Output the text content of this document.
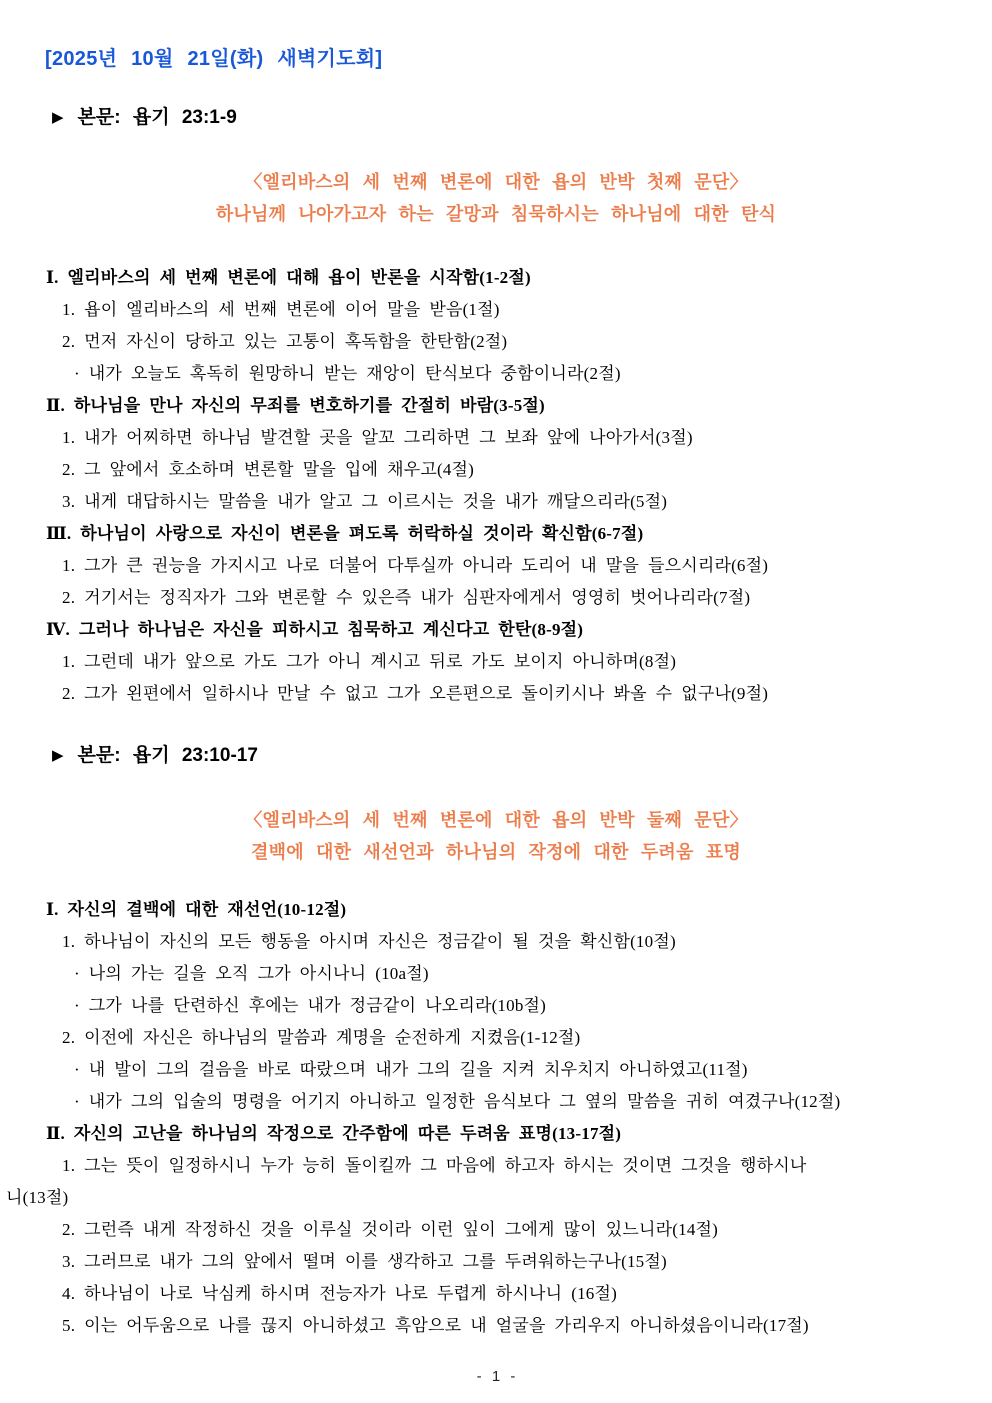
[2025년 10월 21일(화) 새벽기도회]
▶ 본문: 욥기 23:1-9
〈엘리바스의 세 번째 변론에 대한 욥의 반박 첫째 문단〉
하나님께 나아가고자 하는 갈망과 침묵하시는 하나님에 대한 탄식
Ⅰ. 엘리바스의 세 번째 변론에 대해 욥이 반론을 시작함(1-2절)
1. 욥이 엘리바스의 세 번째 변론에 이어 말을 받음(1절)
2. 먼저 자신이 당하고 있는 고통이 혹독함을 한탄함(2절)
· 내가 오늘도 혹독히 원망하니 받는 재앙이 탄식보다 중함이니라(2절)
Ⅱ. 하나님을 만나 자신의 무죄를 변호하기를 간절히 바람(3-5절)
1. 내가 어찌하면 하나님 발견할 곳을 알꼬 그리하면 그 보좌 앞에 나아가서(3절)
2. 그 앞에서 호소하며 변론할 말을 입에 채우고(4절)
3. 내게 대답하시는 말씀을 내가 알고 그 이르시는 것을 내가 깨달으리라(5절)
Ⅲ. 하나님이 사랑으로 자신이 변론을 펴도록 허락하실 것이라 확신함(6-7절)
1. 그가 큰 권능을 가지시고 나로 더불어 다투실까 아니라 도리어 내 말을 들으시리라(6절)
2. 거기서는 정직자가 그와 변론할 수 있은즉 내가 심판자에게서 영영히 벗어나리라(7절)
Ⅳ. 그러나 하나님은 자신을 피하시고 침묵하고 계신다고 한탄(8-9절)
1. 그런데 내가 앞으로 가도 그가 아니 계시고 뒤로 가도 보이지 아니하며(8절)
2. 그가 왼편에서 일하시나 만날 수 없고 그가 오른편으로 돌이키시나 봐올 수 없구나(9절)
▶ 본문: 욥기 23:10-17
〈엘리바스의 세 번째 변론에 대한 욥의 반박 둘째 문단〉
결백에 대한 새선언과 하나님의 작정에 대한 두려움 표명
Ⅰ. 자신의 결백에 대한 재선언(10-12절)
1. 하나님이 자신의 모든 행동을 아시며 자신은 정금같이 될 것을 확신함(10절)
· 나의 가는 길을 오직 그가 아시나니 (10a절)
· 그가 나를 단련하신 후에는 내가 정금같이 나오리라(10b절)
2. 이전에 자신은 하나님의 말씀과 계명을 순전하게 지켰음(1-12절)
· 내 발이 그의 걸음을 바로 따랐으며 내가 그의 길을 지켜 치우치지 아니하였고(11절)
· 내가 그의 입술의 명령을 어기지 아니하고 일정한 음식보다 그 옆의 말씀을 귀히 여겼구나(12절)
Ⅱ. 자신의 고난을 하나님의 작정으로 간주함에 따른 두려움 표명(13-17절)
1. 그는 뜻이 일정하시니 누가 능히 돌이킬까 그 마음에 하고자 하시는 것이면 그것을 행하시나
니(13절)
2. 그런즉 내게 작정하신 것을 이루실 것이라 이런 잎이 그에게 많이 있느니라(14절)
3. 그러므로 내가 그의 앞에서 떨며 이를 생각하고 그를 두려워하는구나(15절)
4. 하나님이 나로 낙심케 하시며 전능자가 나로 두렵게 하시나니 (16절)
5. 이는 어두움으로 나를 끊지 아니하셨고 흑암으로 내 얼굴을 가리우지 아니하셨음이니라(17절)
- 1 -
